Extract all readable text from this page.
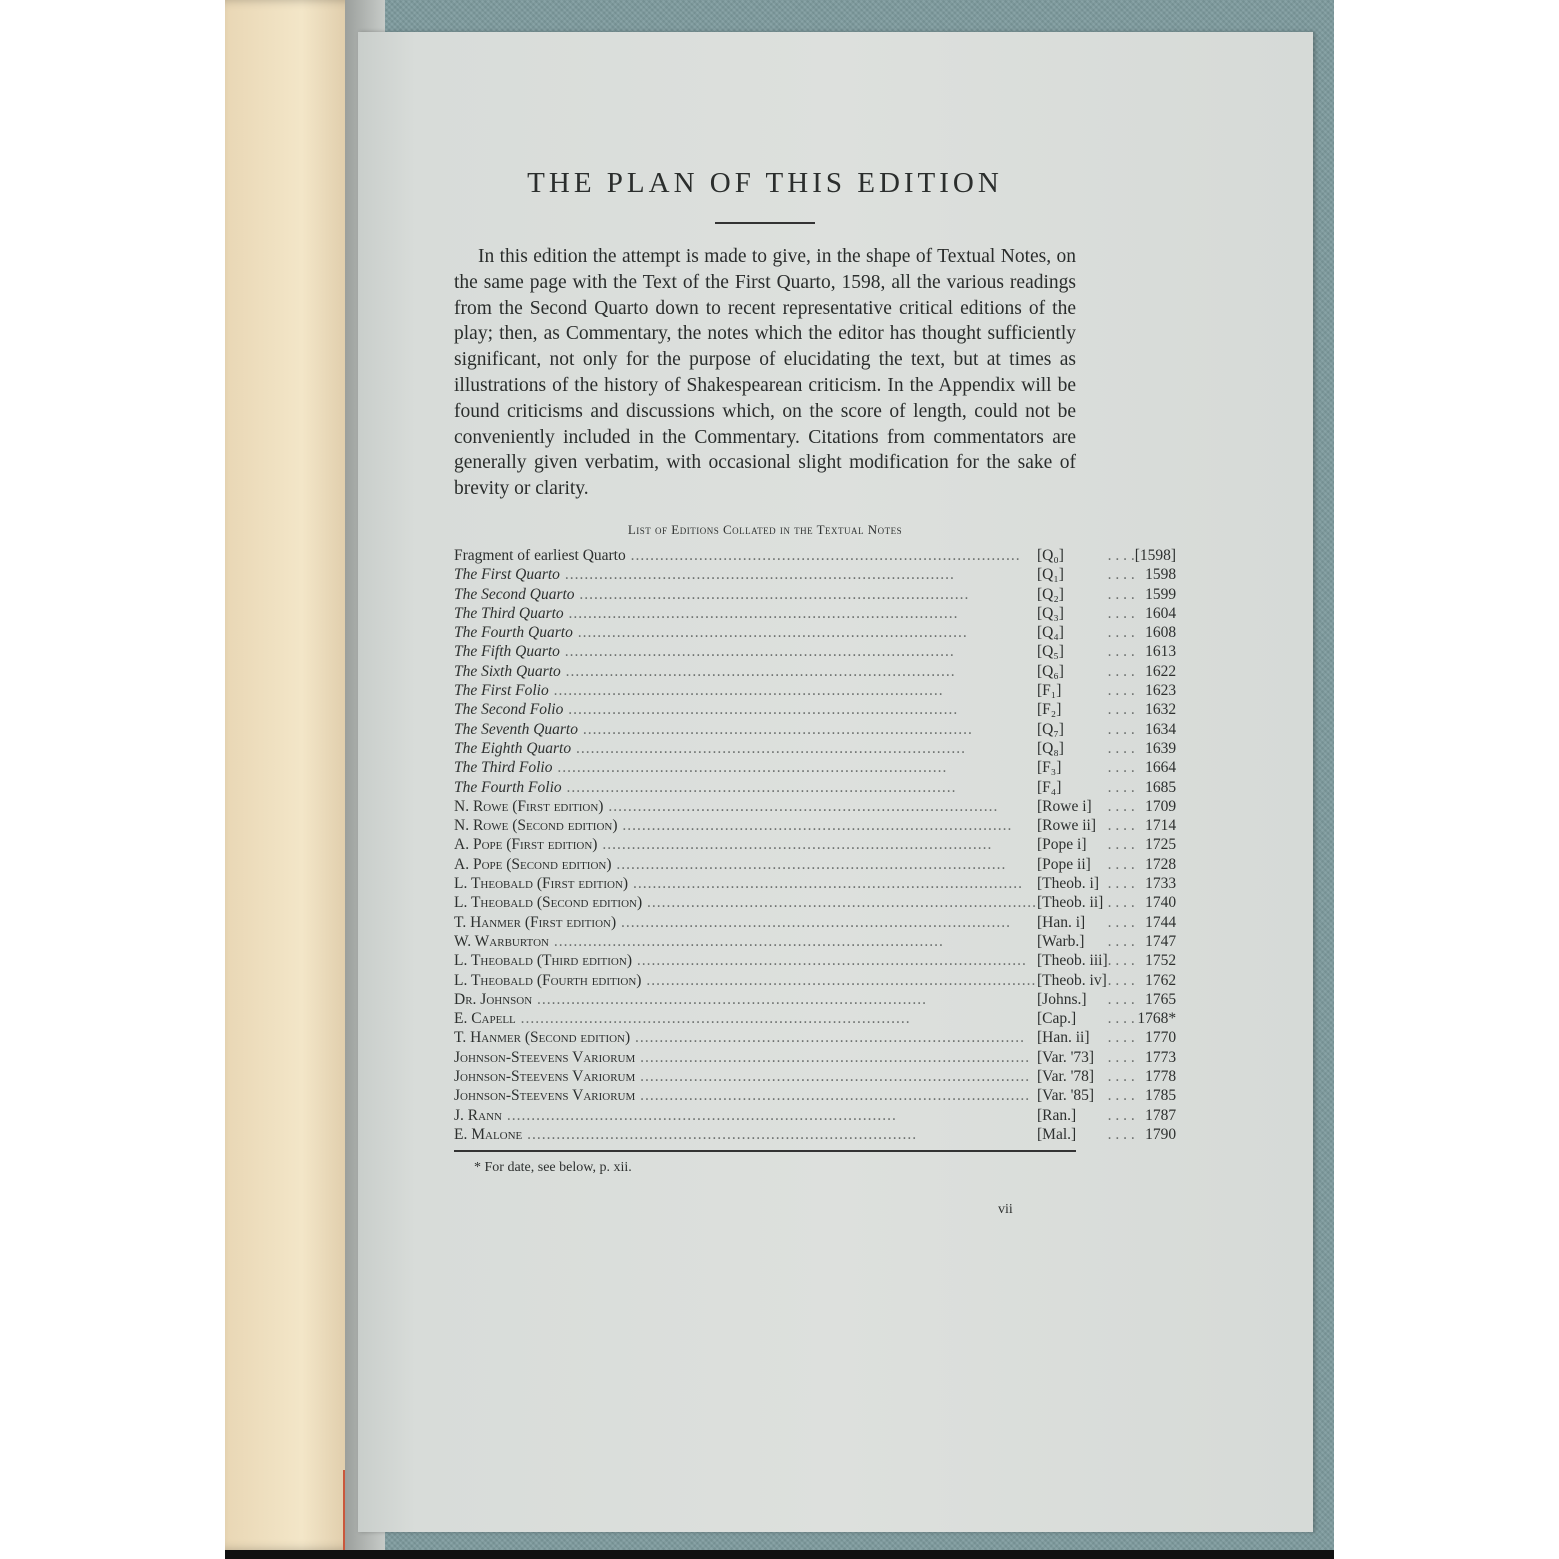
THE PLAN OF THIS EDITION

In this edition the attempt is made to give, in the shape of Textual Notes, on the same page with the Text of the First Quarto, 1598, all the various readings from the Second Quarto down to recent representative critical editions of the play; then, as Commentary, the notes which the editor has thought sufficiently significant, not only for the purpose of elucidating the text, but at times as illustrations of the history of Shakespearean criticism. In the Appendix will be found criticisms and discussions which, on the score of length, could not be conveniently included in the Commentary. Citations from commentators are generally given verbatim, with occasional slight modification for the sake of brevity or clarity.

List of Editions Collated in the Textual Notes
Fragment of earliest Quarto ................................................................................	[Q₀]	. . . .	[1598]
The First Quarto ................................................................................	[Q₁]	. . . .	1598
The Second Quarto ................................................................................	[Q₂]	. . . .	1599
The Third Quarto ................................................................................	[Q₃]	. . . .	1604
The Fourth Quarto ................................................................................	[Q₄]	. . . .	1608
The Fifth Quarto ................................................................................	[Q₅]	. . . .	1613
The Sixth Quarto ................................................................................	[Q₆]	. . . .	1622
The First Folio ................................................................................	[F₁]	. . . .	1623
The Second Folio ................................................................................	[F₂]	. . . .	1632
The Seventh Quarto ................................................................................	[Q₇]	. . . .	1634
The Eighth Quarto ................................................................................	[Q₈]	. . . .	1639
The Third Folio ................................................................................	[F₃]	. . . .	1664
The Fourth Folio ................................................................................	[F₄]	. . . .	1685
N. Rowe (First edition) ................................................................................	[Rowe i]	. . . .	1709
N. Rowe (Second edition) ................................................................................	[Rowe ii]	. . . .	1714
A. Pope (First edition) ................................................................................	[Pope i]	. . . .	1725
A. Pope (Second edition) ................................................................................	[Pope ii]	. . . .	1728
L. Theobald (First edition) ................................................................................	[Theob. i]	. . . .	1733
L. Theobald (Second edition) ................................................................................	[Theob. ii]	. . . .	1740
T. Hanmer (First edition) ................................................................................	[Han. i]	. . . .	1744
W. Warburton ................................................................................	[Warb.]	. . . .	1747
L. Theobald (Third edition) ................................................................................	[Theob. iii]	. . . .	1752
L. Theobald (Fourth edition) ................................................................................	[Theob. iv]	. . . .	1762
Dr. Johnson ................................................................................	[Johns.]	. . . .	1765
E. Capell ................................................................................	[Cap.]	. . . .	1768*
T. Hanmer (Second edition) ................................................................................	[Han. ii]	. . . .	1770
Johnson-Steevens Variorum ................................................................................	[Var. '73]	. . . .	1773
Johnson-Steevens Variorum ................................................................................	[Var. '78]	. . . .	1778
Johnson-Steevens Variorum ................................................................................	[Var. '85]	. . . .	1785
J. Rann ................................................................................	[Ran.]	. . . .	1787
E. Malone ................................................................................	[Mal.]	. . . .	1790
* For date, see below, p. xii.
vii
